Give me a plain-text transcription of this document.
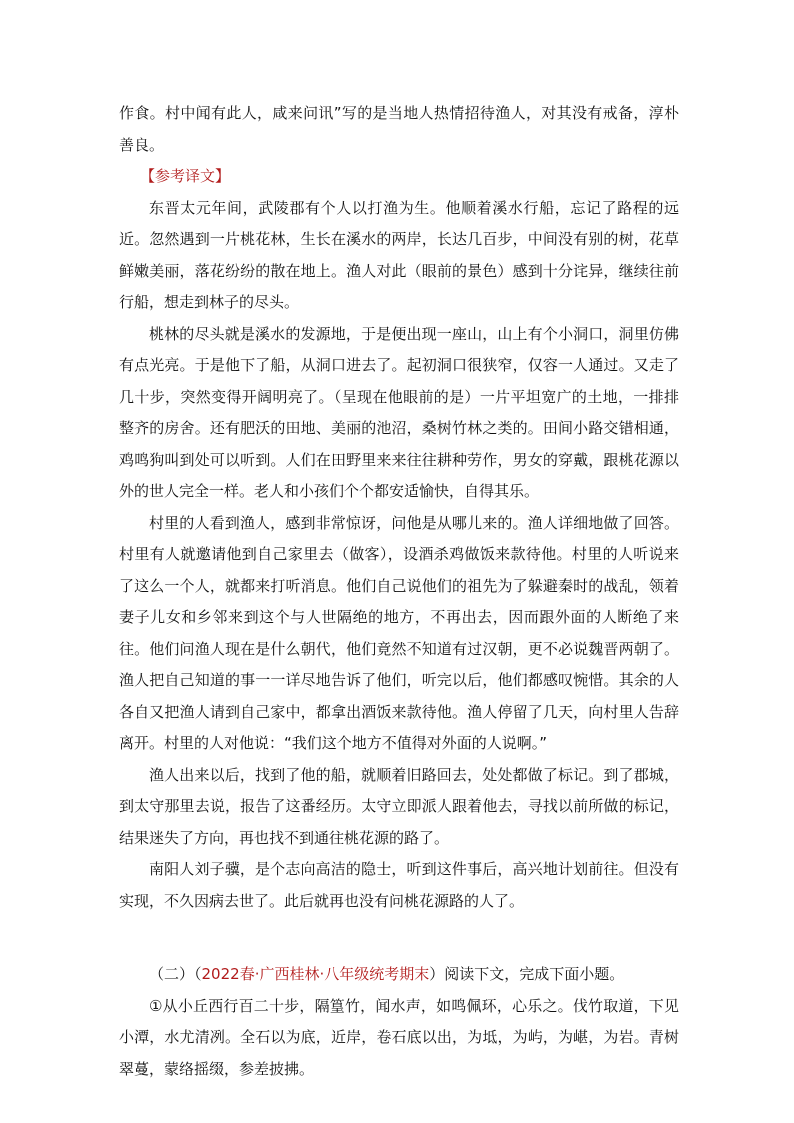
作食。村中闻有此人，咸来问讯”写的是当地人热情招待渔人，对其没有戒备，淳朴善良。

【参考译文】

东晋太元年间，武陵郡有个人以打渔为生。他顺着溪水行船，忘记了路程的远近。忽然遇到一片桃花林，生长在溪水的两岸，长达几百步，中间没有别的树，花草鲜嫩美丽，落花纷纷的散在地上。渔人对此（眼前的景色）感到十分诧异，继续往前行船，想走到林子的尽头。

桃林的尽头就是溪水的发源地，于是便出现一座山，山上有个小洞口，洞里仿佛有点光亮。于是他下了船，从洞口进去了。起初洞口很狭窄，仅容一人通过。又走了几十步，突然变得开阔明亮了。（呈现在他眼前的是）一片平坦宽广的土地，一排排整齐的房舍。还有肥沃的田地、美丽的池沼，桑树竹林之类的。田间小路交错相通，鸡鸣狗叫到处可以听到。人们在田野里来来往往耕种劳作，男女的穿戴，跟桃花源以外的世人完全一样。老人和小孩们个个都安适愉快，自得其乐。

村里的人看到渔人，感到非常惊讶，问他是从哪儿来的。渔人详细地做了回答。村里有人就邀请他到自己家里去（做客），设酒杀鸡做饭来款待他。村里的人听说来了这么一个人，就都来打听消息。他们自己说他们的祖先为了躲避秦时的战乱，领着妻子儿女和乡邻来到这个与人世隔绝的地方，不再出去，因而跟外面的人断绝了来往。他们问渔人现在是什么朝代，他们竟然不知道有过汉朝，更不必说魏晋两朝了。渔人把自己知道的事一一详尽地告诉了他们，听完以后，他们都感叹惋惜。其余的人各自又把渔人请到自己家中，都拿出酒饭来款待他。渔人停留了几天，向村里人告辞离开。村里的人对他说：“我们这个地方不值得对外面的人说啊。”

渔人出来以后，找到了他的船，就顺着旧路回去，处处都做了标记。到了郡城，到太守那里去说，报告了这番经历。太守立即派人跟着他去，寻找以前所做的标记，结果迷失了方向，再也找不到通往桃花源的路了。

南阳人刘子骥，是个志向高洁的隐士，听到这件事后，高兴地计划前往。但没有实现，不久因病去世了。此后就再也没有问桃花源路的人了。

（二）（2022春·广西桂林·八年级统考期末）阅读下文，完成下面小题。

①从小丘西行百二十步，隔篁竹，闻水声，如鸣佩环，心乐之。伐竹取道，下见小潭，水尤清冽。全石以为底，近岸，卷石底以出，为坻，为屿，为嵁，为岩。青树翠蔓，蒙络摇缀，参差披拂。
